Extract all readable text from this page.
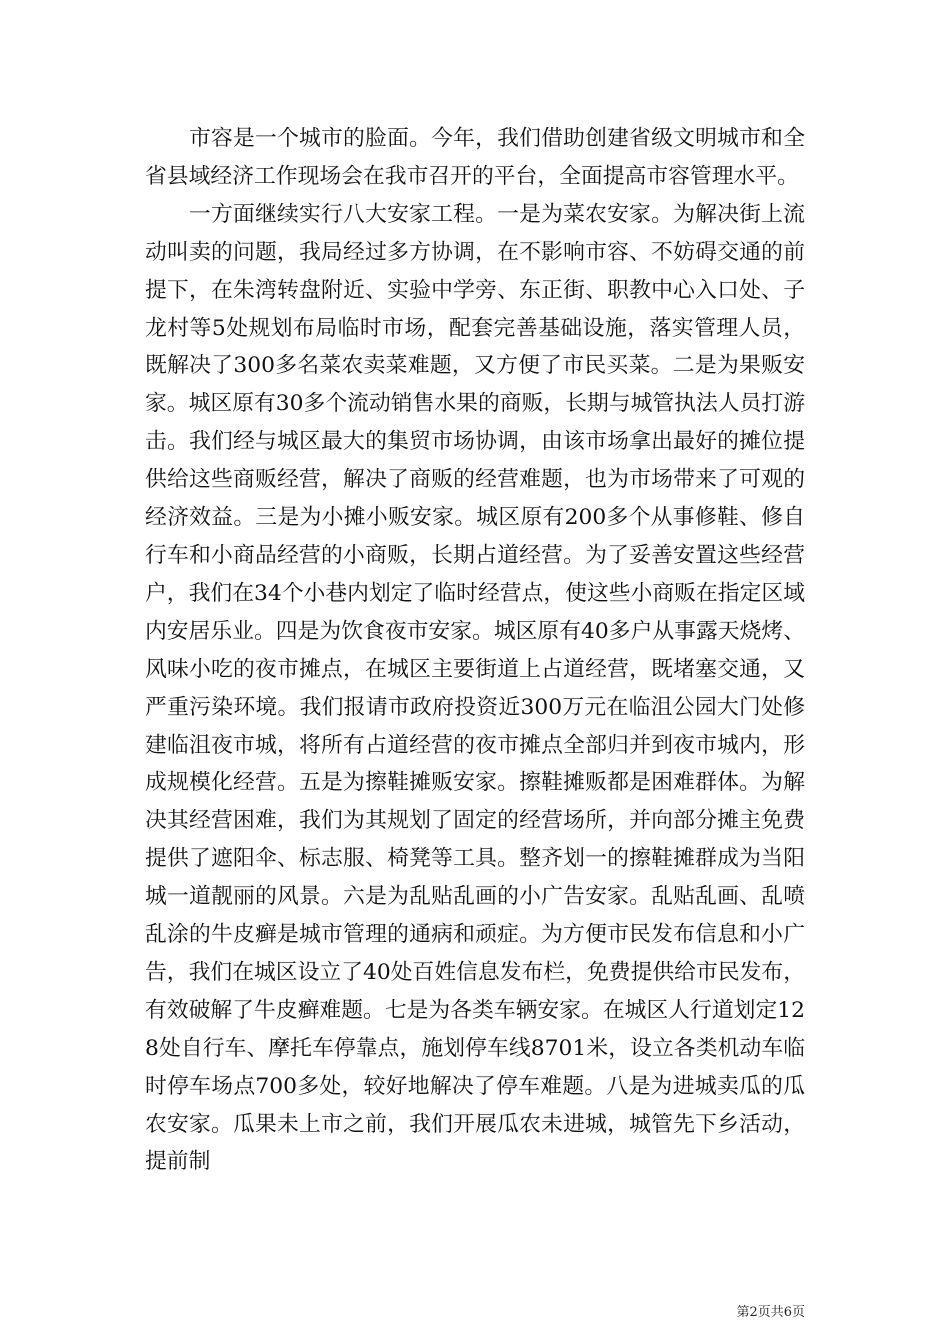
市容是一个城市的脸面。今年，我们借助创建省级文明城市和全省县域经济工作现场会在我市召开的平台，全面提高市容管理水平。

一方面继续实行八大安家工程。一是为菜农安家。为解决街上流动叫卖的问题，我局经过多方协调，在不影响市容、不妨碍交通的前提下，在朱湾转盘附近、实验中学旁、东正街、职教中心入口处、子龙村等5处规划布局临时市场，配套完善基础设施，落实管理人员，既解决了300多名菜农卖菜难题，又方便了市民买菜。二是为果贩安家。城区原有30多个流动销售水果的商贩，长期与城管执法人员打游击。我们经与城区最大的集贸市场协调，由该市场拿出最好的摊位提供给这些商贩经营，解决了商贩的经营难题，也为市场带来了可观的经济效益。三是为小摊小贩安家。城区原有200多个从事修鞋、修自行车和小商品经营的小商贩，长期占道经营。为了妥善安置这些经营户，我们在34个小巷内划定了临时经营点，使这些小商贩在指定区域内安居乐业。四是为饮食夜市安家。城区原有40多户从事露天烧烤、风味小吃的夜市摊点，在城区主要街道上占道经营，既堵塞交通，又严重污染环境。我们报请市政府投资近300万元在临沮公园大门处修建临沮夜市城，将所有占道经营的夜市摊点全部归并到夜市城内，形成规模化经营。五是为擦鞋摊贩安家。擦鞋摊贩都是困难群体。为解决其经营困难，我们为其规划了固定的经营场所，并向部分摊主免费提供了遮阳伞、标志服、椅凳等工具。整齐划一的擦鞋摊群成为当阳城一道靓丽的风景。六是为乱贴乱画的小广告安家。乱贴乱画、乱喷乱涂的牛皮癣是城市管理的通病和顽症。为方便市民发布信息和小广告，我们在城区设立了40处百姓信息发布栏，免费提供给市民发布，有效破解了牛皮癣难题。七是为各类车辆安家。在城区人行道划定128处自行车、摩托车停靠点，施划停车线8701米，设立各类机动车临时停车场点700多处，较好地解决了停车难题。八是为进城卖瓜的瓜农安家。瓜果未上市之前，我们开展瓜农未进城，城管先下乡活动，提前制

第2页共6页
